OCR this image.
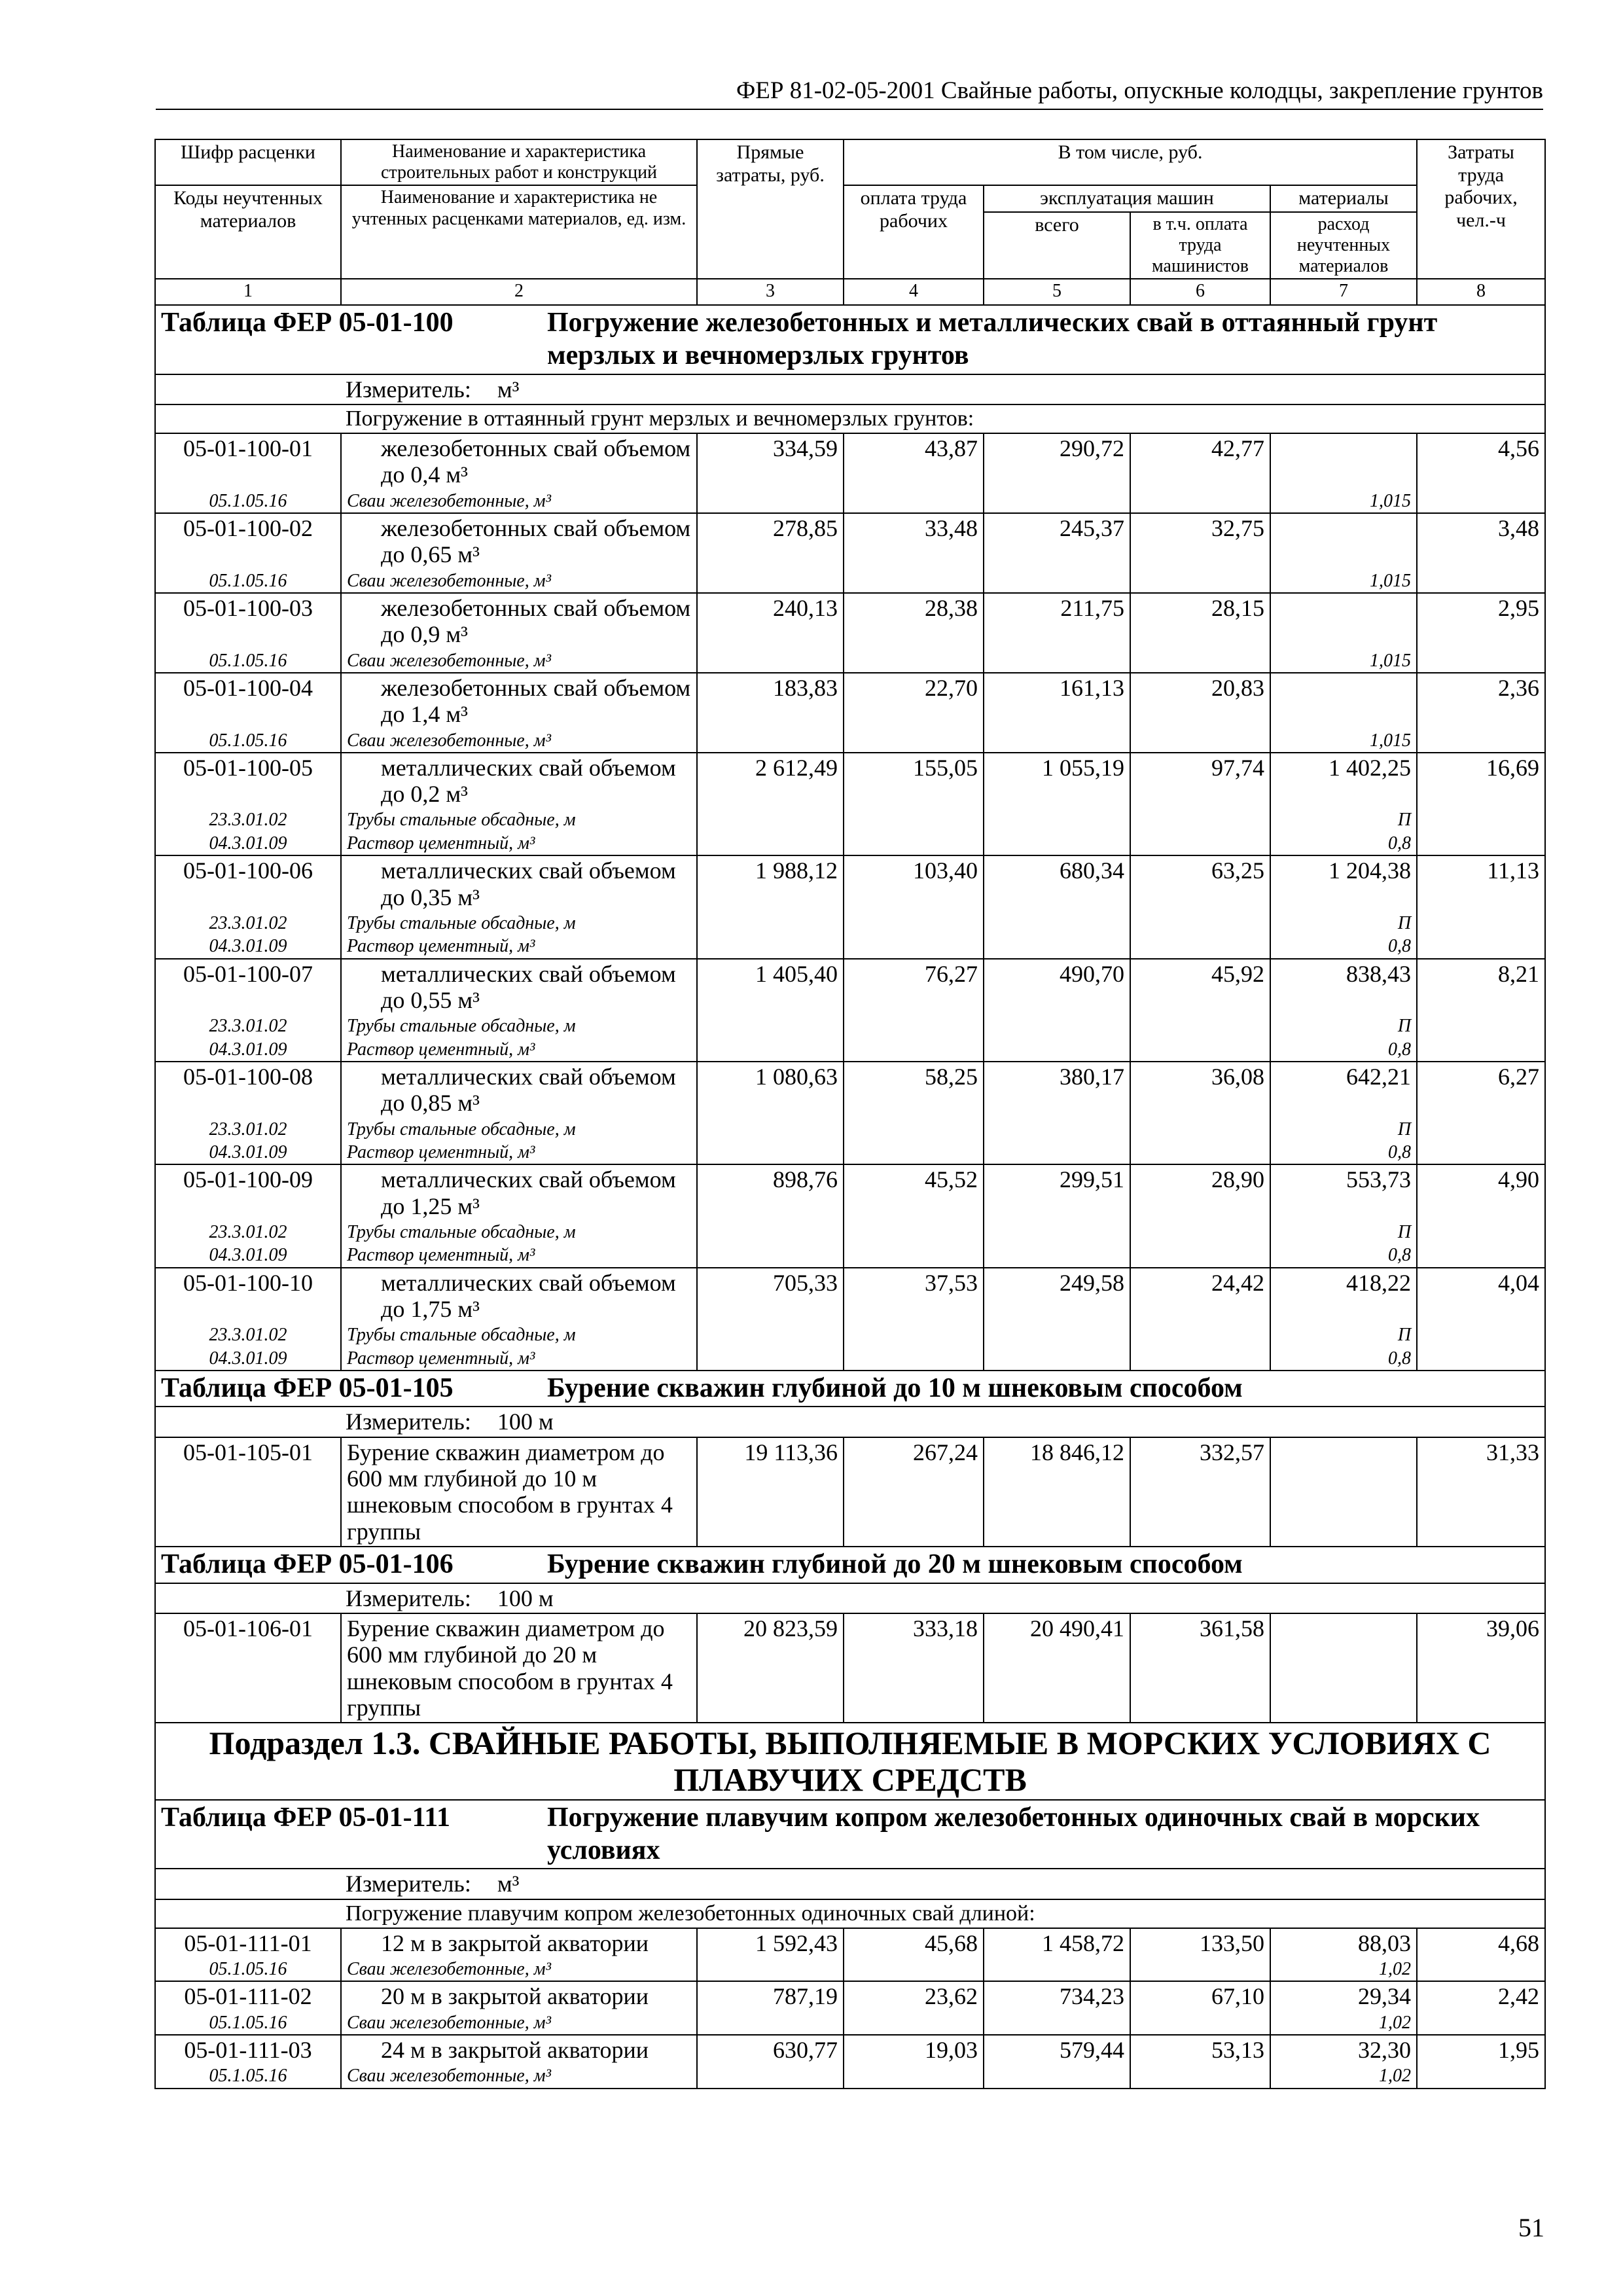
ФЕР 81-02-05-2001 Свайные работы, опускные колодцы, закрепление грунтов
Шифр расценки	Наименование и характеристика строительных работ и конструкций	Прямые затраты, руб.	В том числе, руб.				Затраты труда рабочих, чел.-ч
Коды неучтенных материалов	Наименование и характеристика не учтенных расценками материалов, ед. изм.		оплата труда рабочих	эксплуатация машин		материалы	
				всего	в т.ч. оплата труда машинистов	расход неучтенных материалов	
1	2	3	4	5	6	7	8
Таблица ФЕР 05-01-100 Погружение железобетонных и металлических свай в оттаянный грунт мерзлых и вечномерзлых грунтов							
Измеритель: м³							
Погружение в оттаянный грунт мерзлых и вечномерзлых грунтов:							
05-01-100-01	железобетонных свай объемом до 0,4 м³	334,59	43,87	290,72	42,77		4,56
05.1.05.16	Сваи железобетонные, м³					1,015	
05-01-100-02	железобетонных свай объемом до 0,65 м³	278,85	33,48	245,37	32,75		3,48
05.1.05.16	Сваи железобетонные, м³					1,015	
05-01-100-03	железобетонных свай объемом до 0,9 м³	240,13	28,38	211,75	28,15		2,95
05.1.05.16	Сваи железобетонные, м³					1,015	
05-01-100-04	железобетонных свай объемом до 1,4 м³	183,83	22,70	161,13	20,83		2,36
05.1.05.16	Сваи железобетонные, м³					1,015	
05-01-100-05	металлических свай объемом до 0,2 м³	2 612,49	155,05	1 055,19	97,74	1 402,25	16,69
23.3.01.02	Трубы стальные обсадные, м					П	
04.3.01.09	Раствор цементный, м³					0,8	
05-01-100-06	металлических свай объемом до 0,35 м³	1 988,12	103,40	680,34	63,25	1 204,38	11,13
23.3.01.02	Трубы стальные обсадные, м					П	
04.3.01.09	Раствор цементный, м³					0,8	
05-01-100-07	металлических свай объемом до 0,55 м³	1 405,40	76,27	490,70	45,92	838,43	8,21
23.3.01.02	Трубы стальные обсадные, м					П	
04.3.01.09	Раствор цементный, м³					0,8	
05-01-100-08	металлических свай объемом до 0,85 м³	1 080,63	58,25	380,17	36,08	642,21	6,27
23.3.01.02	Трубы стальные обсадные, м					П	
04.3.01.09	Раствор цементный, м³					0,8	
05-01-100-09	металлических свай объемом до 1,25 м³	898,76	45,52	299,51	28,90	553,73	4,90
23.3.01.02	Трубы стальные обсадные, м					П	
04.3.01.09	Раствор цементный, м³					0,8	
05-01-100-10	металлических свай объемом до 1,75 м³	705,33	37,53	249,58	24,42	418,22	4,04
23.3.01.02	Трубы стальные обсадные, м					П	
04.3.01.09	Раствор цементный, м³					0,8	
Таблица ФЕР 05-01-105 Бурение скважин глубиной до 10 м шнековым способом							
Измеритель: 100 м							
05-01-105-01	Бурение скважин диаметром до 600 мм глубиной до 10 м шнековым способом в грунтах 4 группы	19 113,36	267,24	18 846,12	332,57		31,33
Таблица ФЕР 05-01-106 Бурение скважин глубиной до 20 м шнековым способом							
Измеритель: 100 м							
05-01-106-01	Бурение скважин диаметром до 600 мм глубиной до 20 м шнековым способом в грунтах 4 группы	20 823,59	333,18	20 490,41	361,58		39,06
Подраздел 1.3. СВАЙНЫЕ РАБОТЫ, ВЫПОЛНЯЕМЫЕ В МОРСКИХ УСЛОВИЯХ С ПЛАВУЧИХ СРЕДСТВ							
Таблица ФЕР 05-01-111 Погружение плавучим копром железобетонных одиночных свай в морских условиях							
Измеритель: м³							
Погружение плавучим копром железобетонных одиночных свай длиной:							
05-01-111-01	12 м в закрытой акватории	1 592,43	45,68	1 458,72	133,50	88,03	4,68
05.1.05.16	Сваи железобетонные, м³					1,02	
05-01-111-02	20 м в закрытой акватории	787,19	23,62	734,23	67,10	29,34	2,42
05.1.05.16	Сваи железобетонные, м³					1,02	
05-01-111-03	24 м в закрытой акватории	630,77	19,03	579,44	53,13	32,30	1,95
05.1.05.16	Сваи железобетонные, м³					1,02	
51
